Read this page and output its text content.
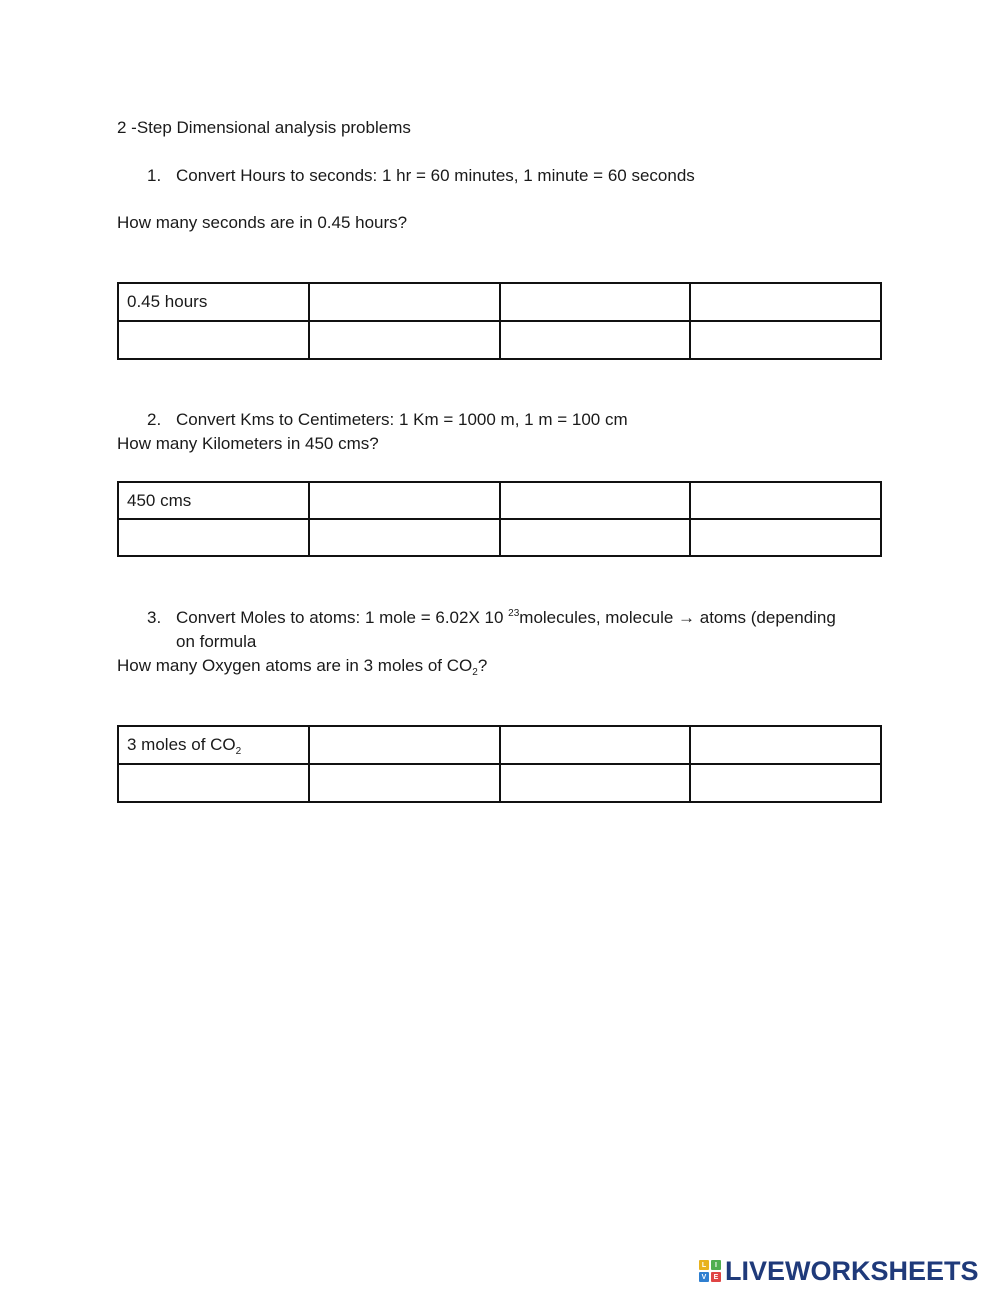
2 -Step Dimensional analysis problems
1. Convert Hours to seconds: 1 hr = 60 minutes, 1 minute = 60 seconds
How many seconds are in 0.45 hours?
0.45 hours			

2. Convert Kms to Centimeters: 1 Km = 1000 m, 1 m = 100 cm
How many Kilometers in 450 cms?
450 cms			

3. Convert Moles to atoms: 1 mole = 6.02X 10 $^{23}$molecules, molecule → atoms (depending
on formula
How many Oxygen atoms are in 3 moles of $CO_2$?
3 moles of $CO_2$			

L	I
V	E LIVEWORKSHEETS
